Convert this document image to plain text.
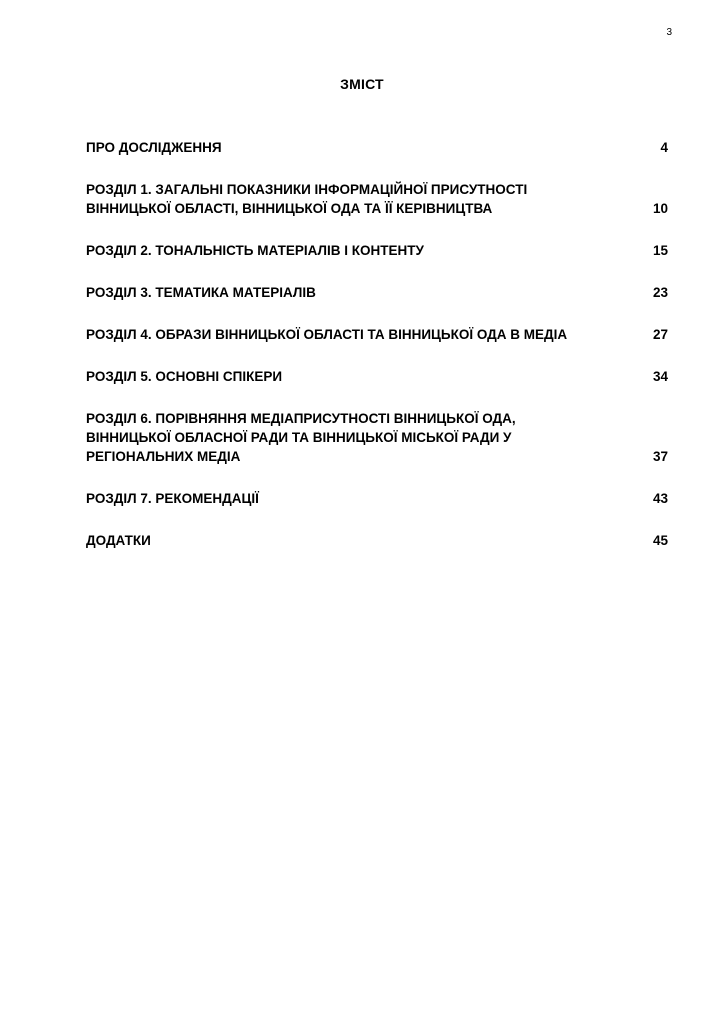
3
ЗМІСТ
ПРО ДОСЛІДЖЕННЯ	4
РОЗДІЛ 1. ЗАГАЛЬНІ ПОКАЗНИКИ ІНФОРМАЦІЙНОЇ ПРИСУТНОСТІ
ВІННИЦЬКОЇ ОБЛАСТІ, ВІННИЦЬКОЇ ОДА ТА ЇЇ КЕРІВНИЦТВА	10
РОЗДІЛ 2. ТОНАЛЬНІСТЬ МАТЕРІАЛІВ І КОНТЕНТУ	15
РОЗДІЛ 3. ТЕМАТИКА МАТЕРІАЛІВ	23
РОЗДІЛ 4. ОБРАЗИ ВІННИЦЬКОЇ ОБЛАСТІ ТА ВІННИЦЬКОЇ ОДА В МЕДІА	27
РОЗДІЛ 5. ОСНОВНІ СПІКЕРИ	34
РОЗДІЛ 6. ПОРІВНЯННЯ МЕДІАПРИСУТНОСТІ ВІННИЦЬКОЇ ОДА,
ВІННИЦЬКОЇ ОБЛАСНОЇ РАДИ ТА ВІННИЦЬКОЇ МІСЬКОЇ РАДИ У
РЕГІОНАЛЬНИХ МЕДІА	37
РОЗДІЛ 7. РЕКОМЕНДАЦІЇ	43
ДОДАТКИ	45
